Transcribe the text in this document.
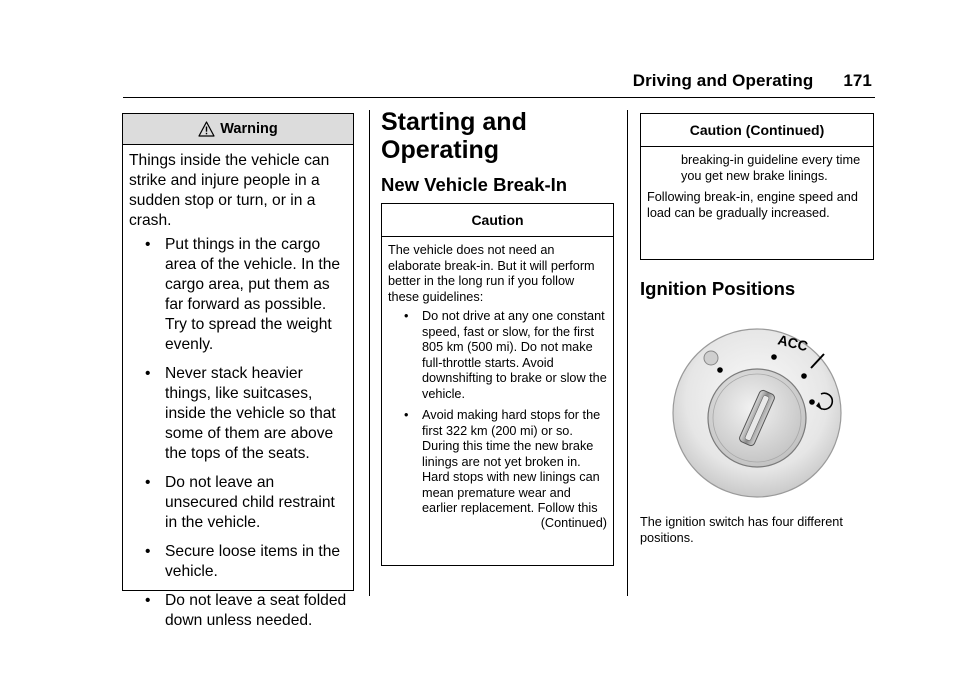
Driving and Operating 171
Warning

Things inside the vehicle can strike and injure people in a sudden stop or turn, or in a crash.

• Put things in the cargo area of the vehicle. In the cargo area, put them as far forward as possible. Try to spread the weight evenly.
• Never stack heavier things, like suitcases, inside the vehicle so that some of them are above the tops of the seats.
• Do not leave an unsecured child restraint in the vehicle.
• Secure loose items in the vehicle.
• Do not leave a seat folded down unless needed.
Starting and Operating
New Vehicle Break-In
Caution

The vehicle does not need an elaborate break-in. But it will perform better in the long run if you follow these guidelines:

• Do not drive at any one constant speed, fast or slow, for the first 805 km (500 mi). Do not make full-throttle starts. Avoid downshifting to brake or slow the vehicle.
• Avoid making hard stops for the first 322 km (200 mi) or so. During this time the new brake linings are not yet broken in. Hard stops with new linings can mean premature wear and earlier replacement. Follow this
(Continued)
Caution (Continued)

breaking-in guideline every time you get new brake linings.

Following break-in, engine speed and load can be gradually increased.

Ignition Positions
ACC

The ignition switch has four different positions.
